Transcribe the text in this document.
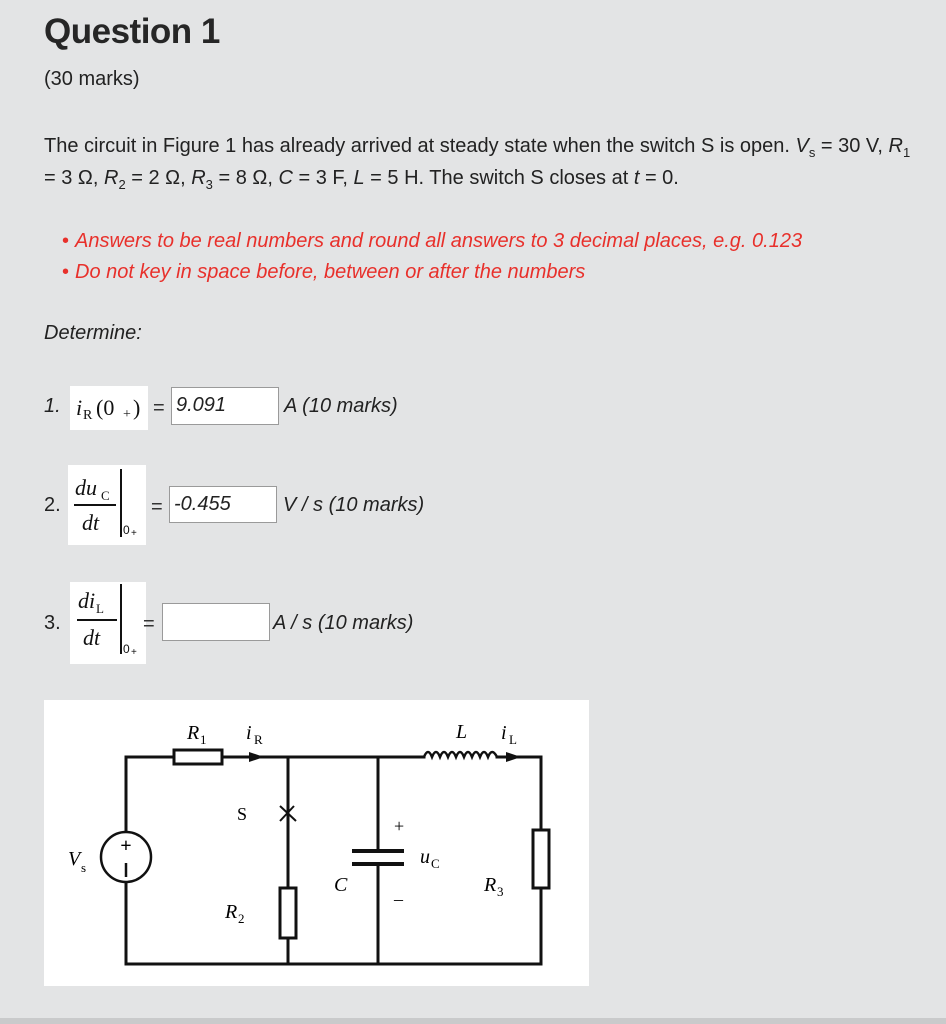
Question 1
(30 marks)
The circuit in Figure 1 has already arrived at steady state when the switch S is open. $V_s = 30$ V, $R_1 = 3$ Ω, $R_2 = 2$ Ω, $R_3 = 8$ Ω, C = 3 F, L = 5 H. The switch S closes at t = 0.
• Answers to be real numbers and round all answers to 3 decimal places, e.g. 0.123
• Do not key in space before, between or after the numbers
Determine:
1. i R (0 + ) = 9.091	A (10 marks)
2.
du C
dt 0 +
= -0.455	V / s (10 marks)
3.
di L
dt 0 +
=	A / s (10 marks)
+
R 1 i R	L i L
S
V s
R 2
C
+
u C
–
R 3
